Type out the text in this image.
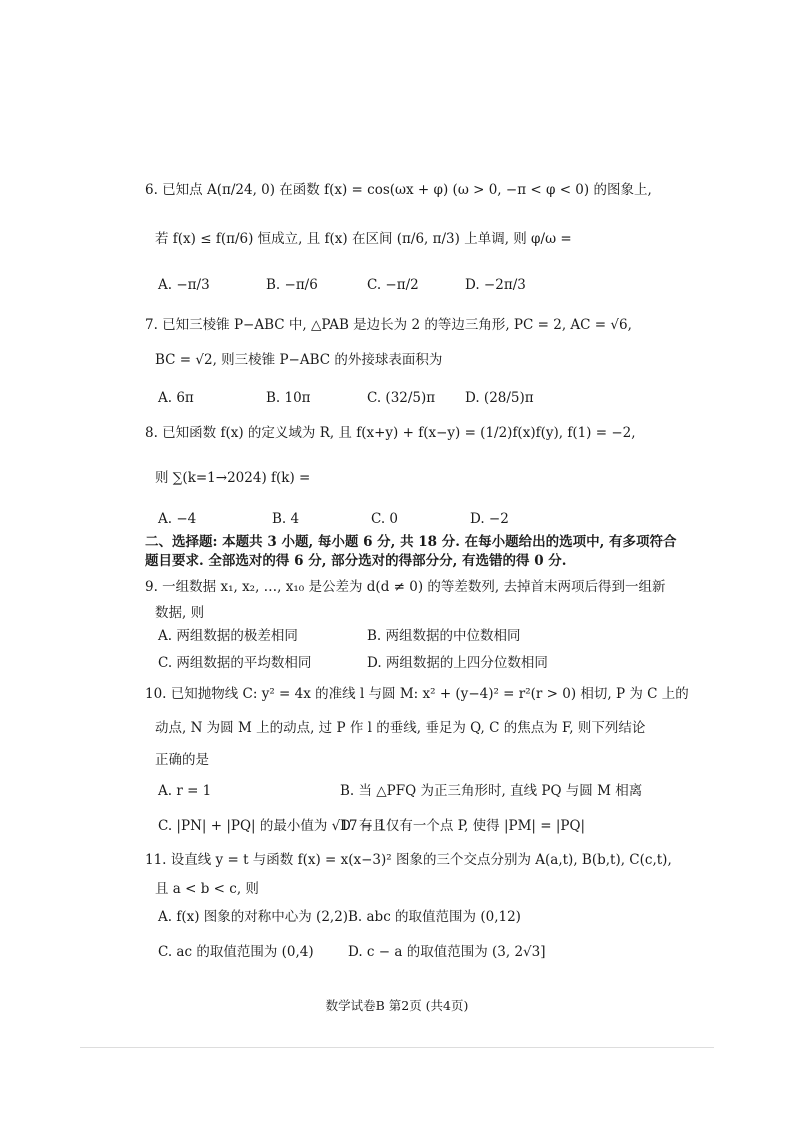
6. 已知点 A(π/24, 0) 在函数 f(x) = cos(ωx + φ) (ω > 0, −π < φ < 0) 的图象上,
若 f(x) ≤ f(π/6) 恒成立, 且 f(x) 在区间 (π/6, π/3) 上单调, 则 φ/ω =
A. −π/3	B. −π/6	C. −π/2	D. −2π/3
7. 已知三棱锥 P−ABC 中, △PAB 是边长为 2 的等边三角形, PC = 2, AC = √6,
BC = √2, 则三棱锥 P−ABC 的外接球表面积为
A. 6π	B. 10π	C. (32/5)π D. (28/5)π
8. 已知函数 f(x) 的定义域为 R, 且 f(x+y) + f(x−y) = (1/2)f(x)f(y), f(1) = −2,
则 ∑(k=1→2024) f(k) =
A. −4	B. 4	C. 0	D. −2
二、选择题: 本题共 3 小题, 每小题 6 分, 共 18 分. 在每小题给出的选项中, 有多项符合
题目要求. 全部选对的得 6 分, 部分选对的得部分分, 有选错的得 0 分.
9. 一组数据 x₁, x₂, …, x₁₀ 是公差为 d(d ≠ 0) 的等差数列, 去掉首末两项后得到一组新
数据, 则
A. 两组数据的极差相同	B. 两组数据的中位数相同
C. 两组数据的平均数相同	D. 两组数据的上四分位数相同
10. 已知抛物线 C: y² = 4x 的准线 l 与圆 M: x² + (y−4)² = r²(r > 0) 相切, P 为 C 上的
动点, N 为圆 M 上的动点, 过 P 作 l 的垂线, 垂足为 Q, C 的焦点为 F, 则下列结论
正确的是
A. r = 1	B. 当 △PFQ 为正三角形时, 直线 PQ 与圆 M 相离
C. |PN| + |PQ| 的最小值为 √17 − 1
D. 有且仅有一个点 P, 使得 |PM| = |PQ|
11. 设直线 y = t 与函数 f(x) = x(x−3)² 图象的三个交点分别为 A(a,t), B(b,t), C(c,t),
且 a < b < c, 则
A. f(x) 图象的对称中心为 (2,2) B. abc 的取值范围为 (0,12)
C. ac 的取值范围为 (0,4)	D. c − a 的取值范围为 (3, 2√3]
数学试卷B 第2页 (共4页)
